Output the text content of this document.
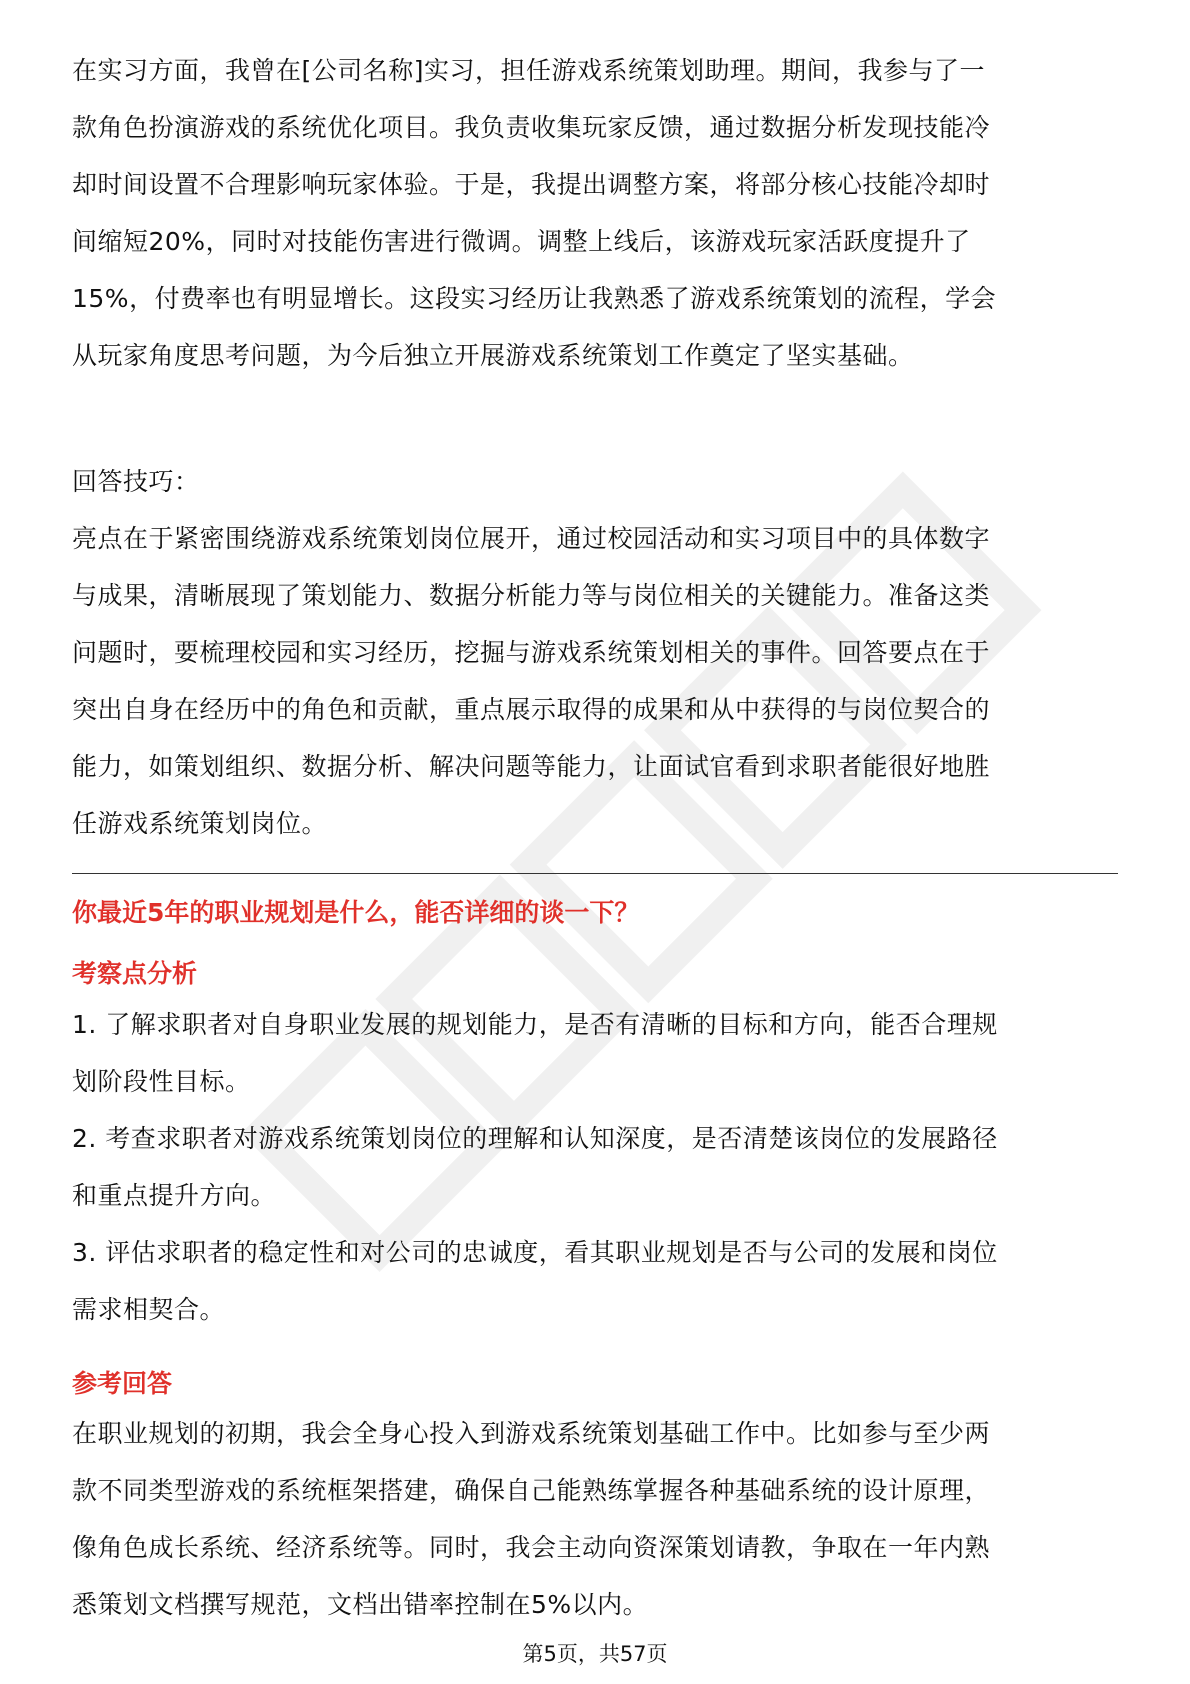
在实习方面，我曾在[公司名称]实习，担任游戏系统策划助理。期间，我参与了一

款角色扮演游戏的系统优化项目。我负责收集玩家反馈，通过数据分析发现技能冷

却时间设置不合理影响玩家体验。于是，我提出调整方案，将部分核心技能冷却时

间缩短20%，同时对技能伤害进行微调。调整上线后，该游戏玩家活跃度提升了

15%，付费率也有明显增长。这段实习经历让我熟悉了游戏系统策划的流程，学会

从玩家角度思考问题，为今后独立开展游戏系统策划工作奠定了坚实基础。

回答技巧：

亮点在于紧密围绕游戏系统策划岗位展开，通过校园活动和实习项目中的具体数字

与成果，清晰展现了策划能力、数据分析能力等与岗位相关的关键能力。准备这类

问题时，要梳理校园和实习经历，挖掘与游戏系统策划相关的事件。回答要点在于

突出自身在经历中的角色和贡献，重点展示取得的成果和从中获得的与岗位契合的

能力，如策划组织、数据分析、解决问题等能力，让面试官看到求职者能很好地胜

任游戏系统策划岗位。

你最近5年的职业规划是什么，能否详细的谈一下？

考察点分析

1. 了解求职者对自身职业发展的规划能力，是否有清晰的目标和方向，能否合理规

划阶段性目标。

2. 考查求职者对游戏系统策划岗位的理解和认知深度，是否清楚该岗位的发展路径

和重点提升方向。

3. 评估求职者的稳定性和对公司的忠诚度，看其职业规划是否与公司的发展和岗位

需求相契合。

参考回答

在职业规划的初期，我会全身心投入到游戏系统策划基础工作中。比如参与至少两

款不同类型游戏的系统框架搭建，确保自己能熟练掌握各种基础系统的设计原理，

像角色成长系统、经济系统等。同时，我会主动向资深策划请教，争取在一年内熟

悉策划文档撰写规范，文档出错率控制在5%以内。

第5页，共57页
